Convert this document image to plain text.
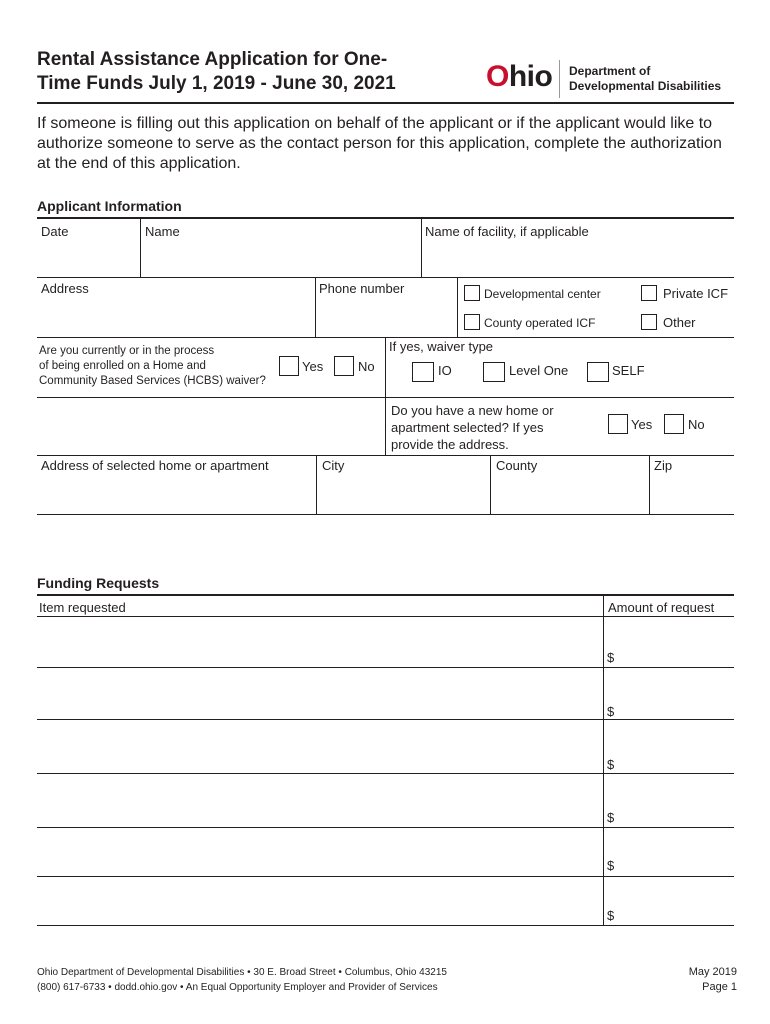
Rental Assistance Application for One-
Time Funds July 1, 2019 - June 30, 2021	Ohio Department of
Developmental Disabilities
If someone is filling out this application on behalf of the applicant or if the applicant would like to authorize someone to serve as the contact person for this application, complete the authorization at the end of this application.
Applicant Information
Date	Name	Name of facility, if applicable
Address	Phone number	Developmental center	Private ICF
County operated ICF	Other
Are you currently or in the process
of being enrolled on a Home and
Community Based Services (HCBS) waiver?
Yes	No
If yes, waiver type
IO	Level One	SELF
Do you have a new home or
apartment selected? If yes
provide the address.
Yes	No
Address of selected home or apartment	City	County	Zip
Funding Requests
Item requested	Amount of request
$
$
$
$
$
$
Ohio Department of Developmental Disabilities • 30 E. Broad Street • Columbus, Ohio 43215
(800) 617-6733 • dodd.ohio.gov • An Equal Opportunity Employer and Provider of Services
May 2019
Page 1
